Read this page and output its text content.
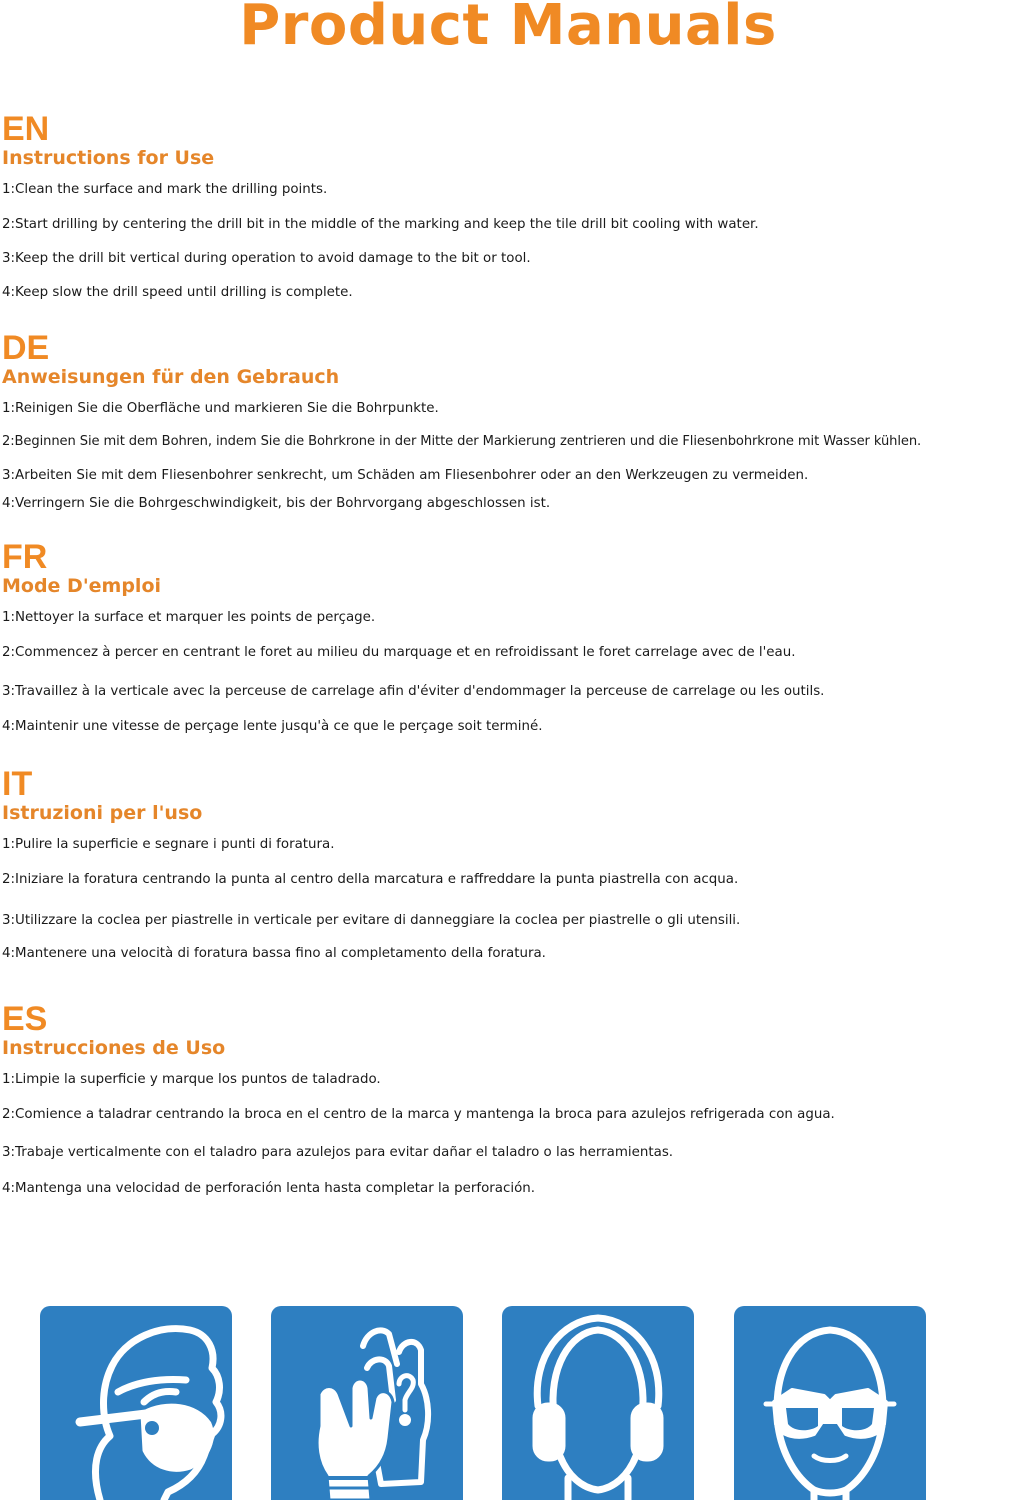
Product Manuals
EN
Instructions for Use
1:Clean the surface and mark the drilling points.
2:Start drilling by centering the drill bit in the middle of the marking and keep the tile drill bit cooling with water.
3:Keep the drill bit vertical during operation to avoid damage to the bit or tool.
4:Keep slow the drill speed until drilling is complete.
DE
Anweisungen für den Gebrauch
1:Reinigen Sie die Oberfläche und markieren Sie die Bohrpunkte.
2:Beginnen Sie mit dem Bohren, indem Sie die Bohrkrone in der Mitte der Markierung zentrieren und die Fliesenbohrkrone mit Wasser kühlen.
3:Arbeiten Sie mit dem Fliesenbohrer senkrecht, um Schäden am Fliesenbohrer oder an den Werkzeugen zu vermeiden.
4:Verringern Sie die Bohrgeschwindigkeit, bis der Bohrvorgang abgeschlossen ist.
FR
Mode D'emploi
1:Nettoyer la surface et marquer les points de perçage.
2:Commencez à percer en centrant le foret au milieu du marquage et en refroidissant le foret carrelage avec de l'eau.
3:Travaillez à la verticale avec la perceuse de carrelage afin d'éviter d'endommager la perceuse de carrelage ou les outils.
4:Maintenir une vitesse de perçage lente jusqu'à ce que le perçage soit terminé.
IT
Istruzioni per l'uso
1:Pulire la superficie e segnare i punti di foratura.
2:Iniziare la foratura centrando la punta al centro della marcatura e raffreddare la punta piastrella con acqua.
3:Utilizzare la coclea per piastrelle in verticale per evitare di danneggiare la coclea per piastrelle o gli utensili.
4:Mantenere una velocità di foratura bassa fino al completamento della foratura.
ES
Instrucciones de Uso
1:Limpie la superficie y marque los puntos de taladrado.
2:Comience a taladrar centrando la broca en el centro de la marca y mantenga la broca para azulejos refrigerada con agua.
3:Trabaje verticalmente con el taladro para azulejos para evitar dañar el taladro o las herramientas.
4:Mantenga una velocidad de perforación lenta hasta completar la perforación.
